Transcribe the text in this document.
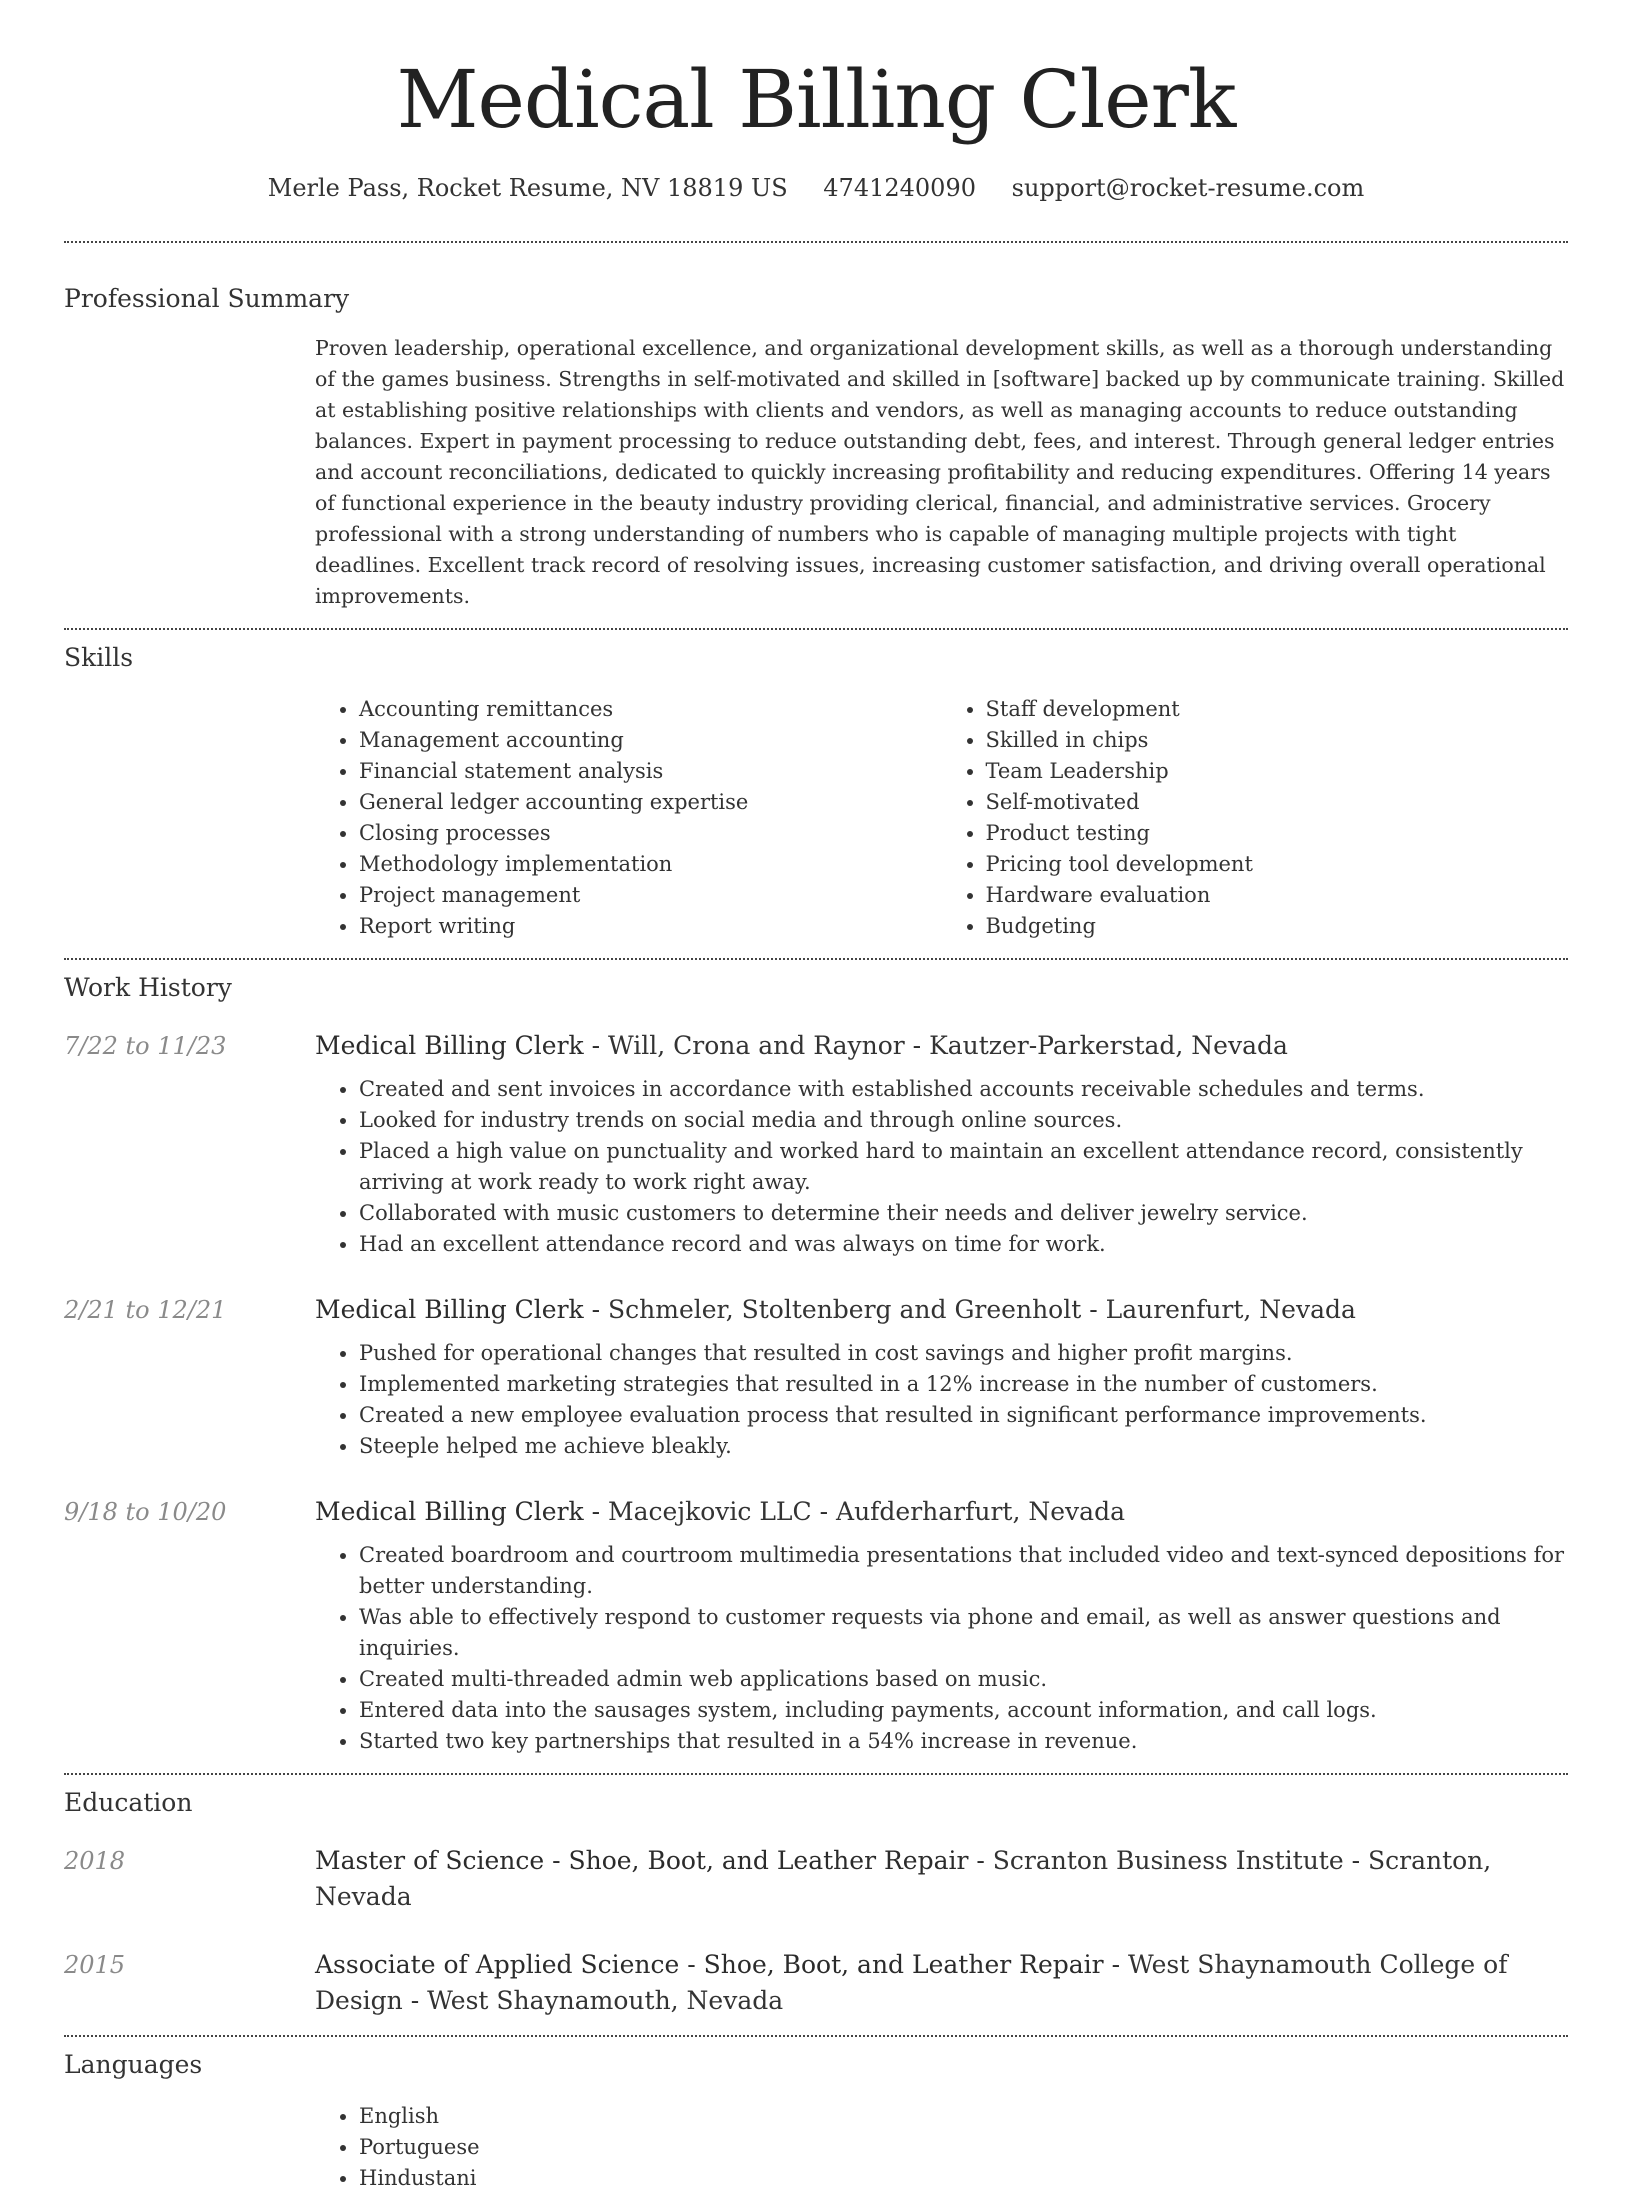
Medical Billing Clerk
Merle Pass, Rocket Resume, NV 18819 US 4741240090 support@rocket-resume.com
Professional Summary

Proven leadership, operational excellence, and organizational development skills, as well as a thorough understanding of the games business. Strengths in self-motivated and skilled in [software] backed up by communicate training. Skilled at establishing positive relationships with clients and vendors, as well as managing accounts to reduce outstanding balances. Expert in payment processing to reduce outstanding debt, fees, and interest. Through general ledger entries and account reconciliations, dedicated to quickly increasing profitability and reducing expenditures. Offering 14 years of functional experience in the beauty industry providing clerical, financial, and administrative services. Grocery professional with a strong understanding of numbers who is capable of managing multiple projects with tight deadlines. Excellent track record of resolving issues, increasing customer satisfaction, and driving overall operational improvements.

Skills
• Accounting remittances
• Management accounting
• Financial statement analysis
• General ledger accounting expertise
• Closing processes
• Methodology implementation
• Project management
• Report writing
• Staff development
• Skilled in chips
• Team Leadership
• Self-motivated
• Product testing
• Pricing tool development
• Hardware evaluation
• Budgeting
Work History
7/22 to 11/23	Medical Billing Clerk - Will, Crona and Raynor - Kautzer-Parkerstad, Nevada

• Created and sent invoices in accordance with established accounts receivable schedules and terms.
• Looked for industry trends on social media and through online sources.
• Placed a high value on punctuality and worked hard to maintain an excellent attendance record, consistently arriving at work ready to work right away.
• Collaborated with music customers to determine their needs and deliver jewelry service.
• Had an excellent attendance record and was always on time for work.
2/21 to 12/21	Medical Billing Clerk - Schmeler, Stoltenberg and Greenholt - Laurenfurt, Nevada

• Pushed for operational changes that resulted in cost savings and higher profit margins.
• Implemented marketing strategies that resulted in a 12% increase in the number of customers.
• Created a new employee evaluation process that resulted in significant performance improvements.
• Steeple helped me achieve bleakly.
9/18 to 10/20	Medical Billing Clerk - Macejkovic LLC - Aufderharfurt, Nevada

• Created boardroom and courtroom multimedia presentations that included video and text-synced depositions for better understanding.
• Was able to effectively respond to customer requests via phone and email, as well as answer questions and inquiries.
• Created multi-threaded admin web applications based on music.
• Entered data into the sausages system, including payments, account information, and call logs.
• Started two key partnerships that resulted in a 54% increase in revenue.
Education
2018	Master of Science - Shoe, Boot, and Leather Repair - Scranton Business Institute - Scranton, Nevada

2015	Associate of Applied Science - Shoe, Boot, and Leather Repair - West Shaynamouth College of Design - West Shaynamouth, Nevada

Languages
• English
• Portuguese
• Hindustani
